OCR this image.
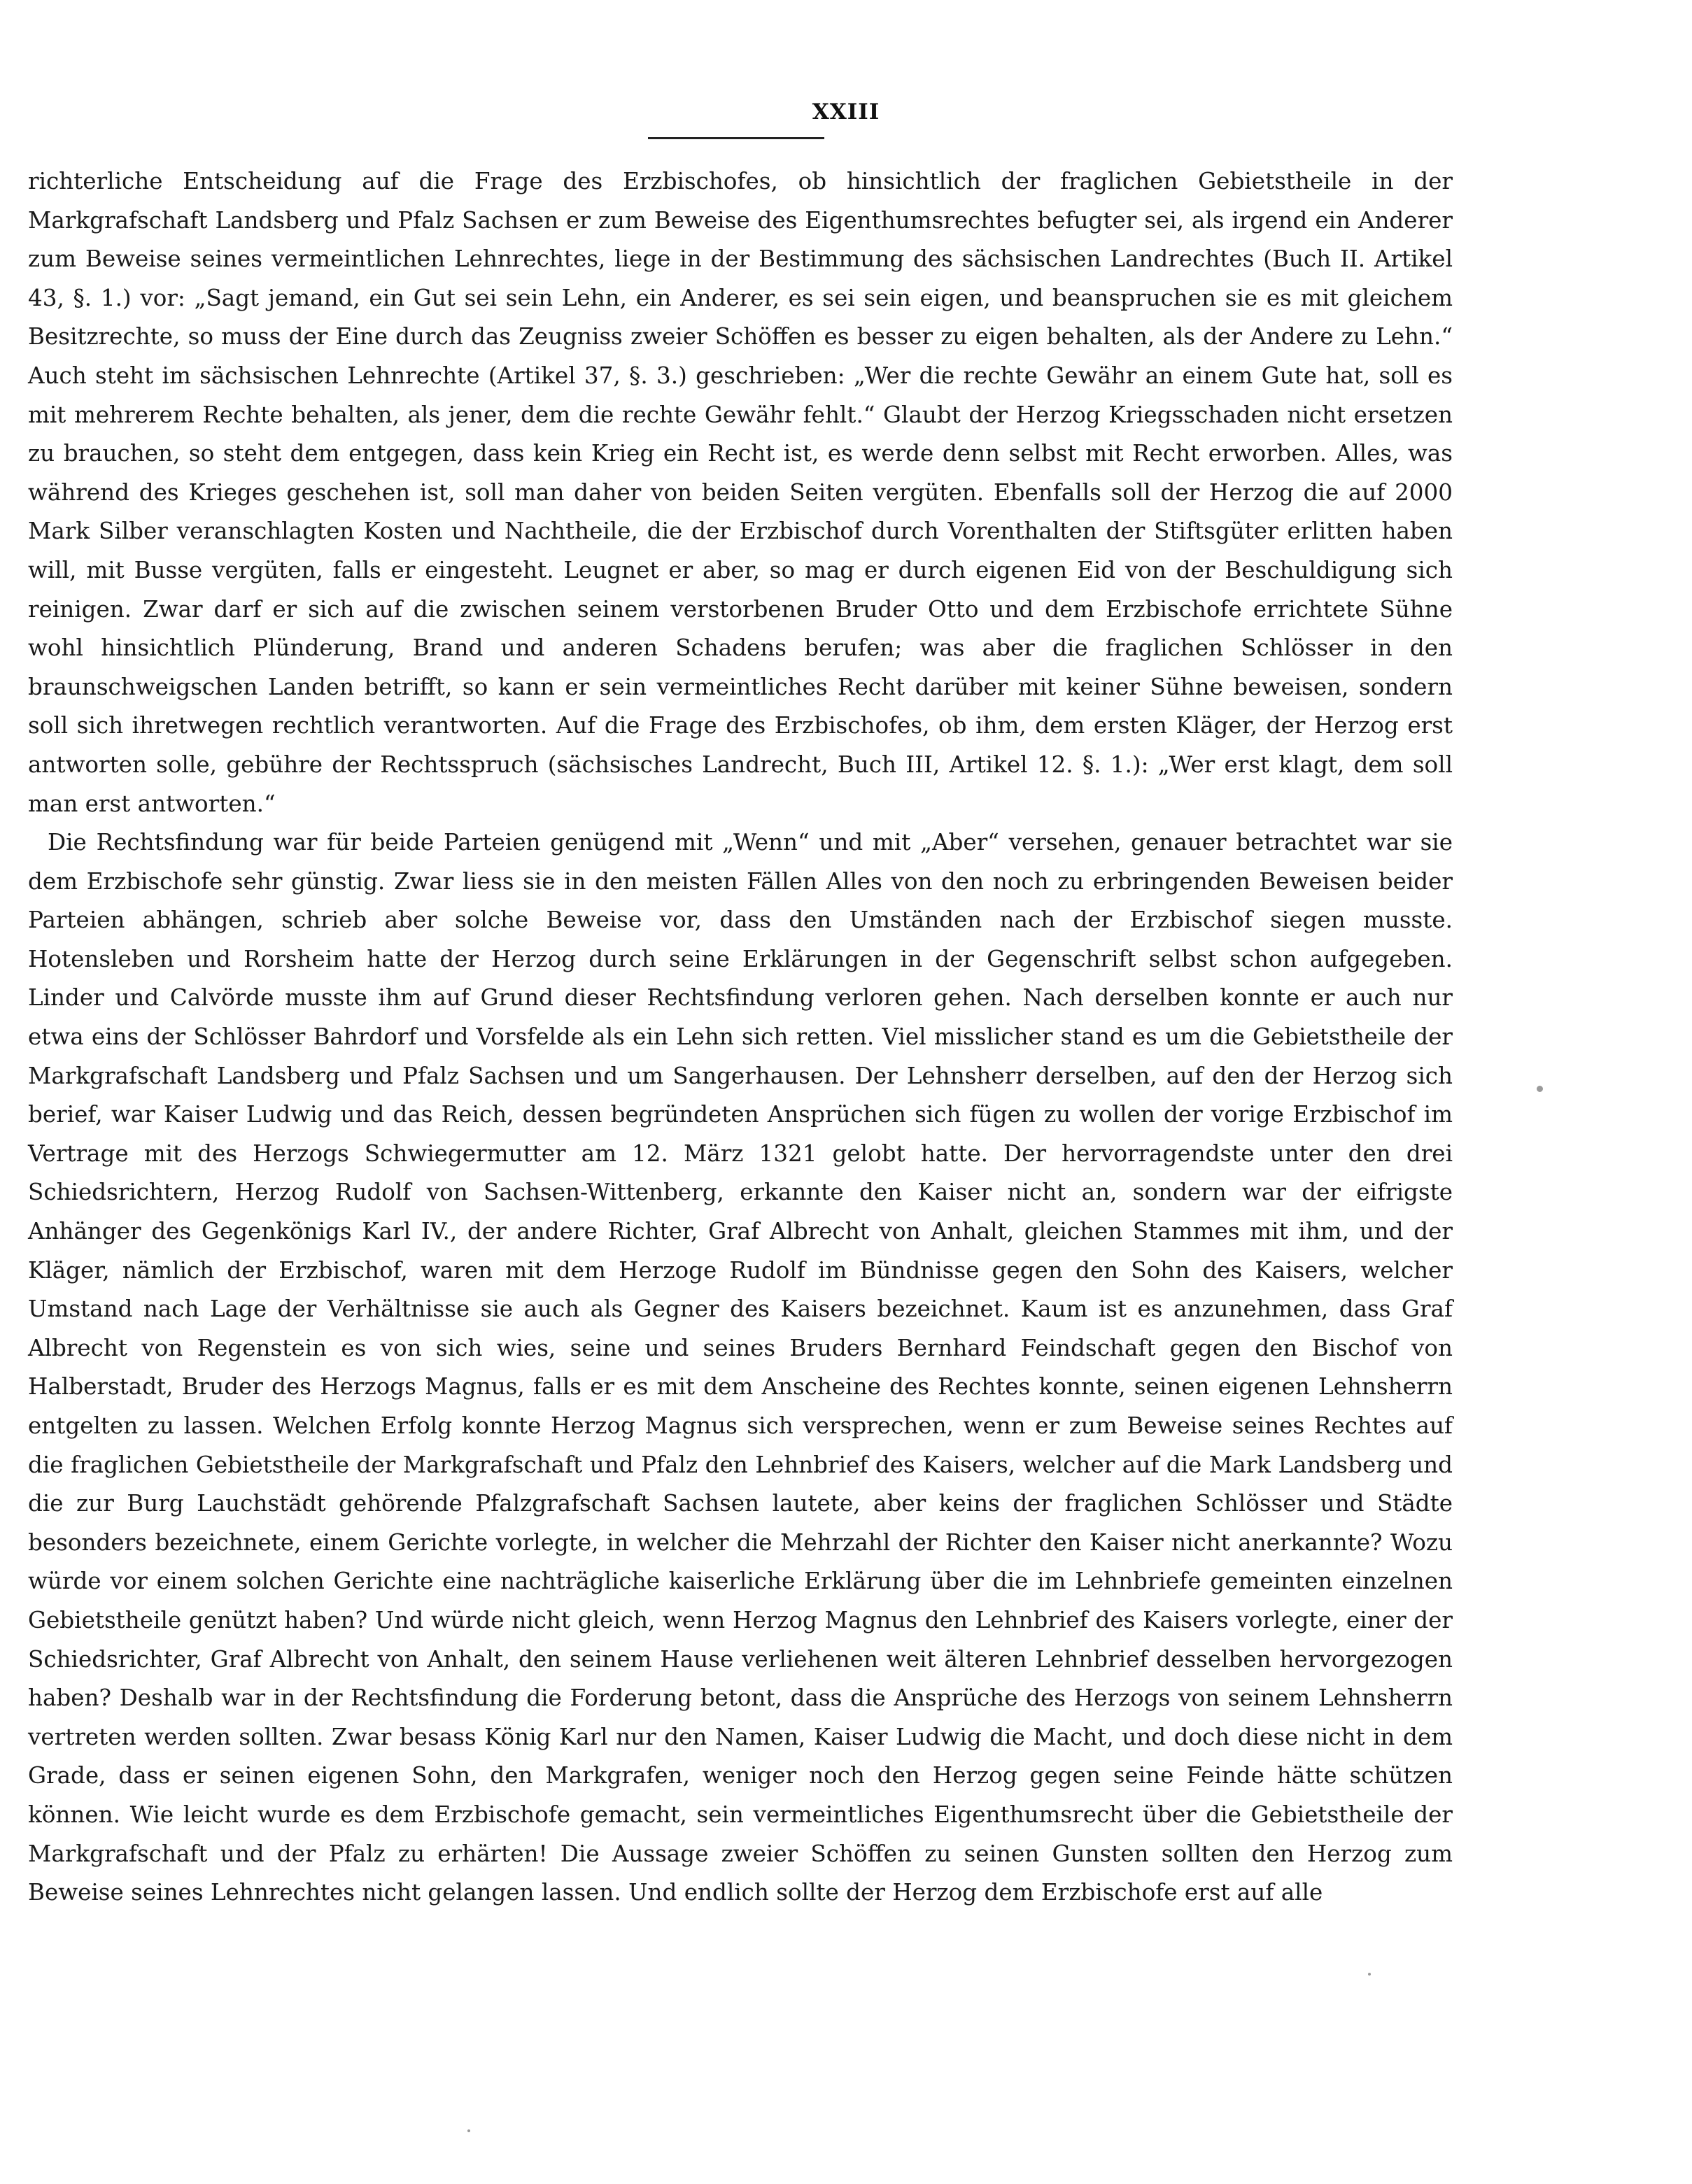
XXIII

richterliche Entscheidung auf die Frage des Erzbischofes, ob hinsichtlich der fraglichen Gebietstheile in der Markgrafschaft Landsberg und Pfalz Sachsen er zum Beweise des Eigenthumsrechtes befugter sei, als irgend ein Anderer zum Beweise seines vermeintlichen Lehnrechtes, liege in der Bestimmung des sächsischen Landrechtes (Buch II. Artikel 43, §. 1.) vor: „Sagt jemand, ein Gut sei sein Lehn, ein Anderer, es sei sein eigen, und beanspruchen sie es mit gleichem Besitzrechte, so muss der Eine durch das Zeugniss zweier Schöffen es besser zu eigen behalten, als der Andere zu Lehn.“ Auch steht im sächsischen Lehnrechte (Artikel 37, §. 3.) geschrieben: „Wer die rechte Gewähr an einem Gute hat, soll es mit mehrerem Rechte behalten, als jener, dem die rechte Gewähr fehlt.“ Glaubt der Herzog Kriegsschaden nicht ersetzen zu brauchen, so steht dem entgegen, dass kein Krieg ein Recht ist, es werde denn selbst mit Recht erworben. Alles, was während des Krieges geschehen ist, soll man daher von beiden Seiten vergüten. Ebenfalls soll der Herzog die auf 2000 Mark Silber veranschlagten Kosten und Nachtheile, die der Erzbischof durch Vorenthalten der Stiftsgüter erlitten haben will, mit Busse vergüten, falls er eingesteht. Leugnet er aber, so mag er durch eigenen Eid von der Beschuldigung sich reinigen. Zwar darf er sich auf die zwischen seinem verstorbenen Bruder Otto und dem Erzbischofe errichtete Sühne wohl hinsichtlich Plünderung, Brand und anderen Schadens berufen; was aber die fraglichen Schlösser in den braunschweigschen Landen betrifft, so kann er sein vermeintliches Recht darüber mit keiner Sühne beweisen, sondern soll sich ihretwegen rechtlich verantworten. Auf die Frage des Erzbischofes, ob ihm, dem ersten Kläger, der Herzog erst antworten solle, gebühre der Rechtsspruch (sächsisches Landrecht, Buch III, Artikel 12. §. 1.): „Wer erst klagt, dem soll man erst antworten.“

Die Rechtsfindung war für beide Parteien genügend mit „Wenn“ und mit „Aber“ versehen, genauer betrachtet war sie dem Erzbischofe sehr günstig. Zwar liess sie in den meisten Fällen Alles von den noch zu erbringenden Beweisen beider Parteien abhängen, schrieb aber solche Beweise vor, dass den Umständen nach der Erzbischof siegen musste. Hotensleben und Rorsheim hatte der Herzog durch seine Erklärungen in der Gegenschrift selbst schon aufgegeben. Linder und Calvörde musste ihm auf Grund dieser Rechtsfindung verloren gehen. Nach derselben konnte er auch nur etwa eins der Schlösser Bahrdorf und Vorsfelde als ein Lehn sich retten. Viel misslicher stand es um die Gebietstheile der Markgrafschaft Landsberg und Pfalz Sachsen und um Sangerhausen. Der Lehnsherr derselben, auf den der Herzog sich berief, war Kaiser Ludwig und das Reich, dessen begründeten Ansprüchen sich fügen zu wollen der vorige Erzbischof im Vertrage mit des Herzogs Schwiegermutter am 12. März 1321 gelobt hatte. Der hervorragendste unter den drei Schiedsrichtern, Herzog Rudolf von Sachsen-Wittenberg, erkannte den Kaiser nicht an, sondern war der eifrigste Anhänger des Gegenkönigs Karl IV., der andere Richter, Graf Albrecht von Anhalt, gleichen Stammes mit ihm, und der Kläger, nämlich der Erzbischof, waren mit dem Herzoge Rudolf im Bündnisse gegen den Sohn des Kaisers, welcher Umstand nach Lage der Verhältnisse sie auch als Gegner des Kaisers bezeichnet. Kaum ist es anzunehmen, dass Graf Albrecht von Regenstein es von sich wies, seine und seines Bruders Bernhard Feindschaft gegen den Bischof von Halberstadt, Bruder des Herzogs Magnus, falls er es mit dem Anscheine des Rechtes konnte, seinen eigenen Lehnsherrn entgelten zu lassen. Welchen Erfolg konnte Herzog Magnus sich versprechen, wenn er zum Beweise seines Rechtes auf die fraglichen Gebietstheile der Markgrafschaft und Pfalz den Lehnbrief des Kaisers, welcher auf die Mark Landsberg und die zur Burg Lauchstädt gehörende Pfalzgrafschaft Sachsen lautete, aber keins der fraglichen Schlösser und Städte besonders bezeichnete, einem Gerichte vorlegte, in welcher die Mehrzahl der Richter den Kaiser nicht anerkannte? Wozu würde vor einem solchen Gerichte eine nachträgliche kaiserliche Erklärung über die im Lehnbriefe gemeinten einzelnen Gebietstheile genützt haben? Und würde nicht gleich, wenn Herzog Magnus den Lehnbrief des Kaisers vorlegte, einer der Schiedsrichter, Graf Albrecht von Anhalt, den seinem Hause verliehenen weit älteren Lehnbrief desselben hervorgezogen haben? Deshalb war in der Rechtsfindung die Forderung betont, dass die Ansprüche des Herzogs von seinem Lehnsherrn vertreten werden sollten. Zwar besass König Karl nur den Namen, Kaiser Ludwig die Macht, und doch diese nicht in dem Grade, dass er seinen eigenen Sohn, den Markgrafen, weniger noch den Herzog gegen seine Feinde hätte schützen können. Wie leicht wurde es dem Erzbischofe gemacht, sein vermeintliches Eigenthumsrecht über die Gebietstheile der Markgrafschaft und der Pfalz zu erhärten! Die Aussage zweier Schöffen zu seinen Gunsten sollten den Herzog zum Beweise seines Lehnrechtes nicht gelangen lassen. Und endlich sollte der Herzog dem Erzbischofe erst auf alle
